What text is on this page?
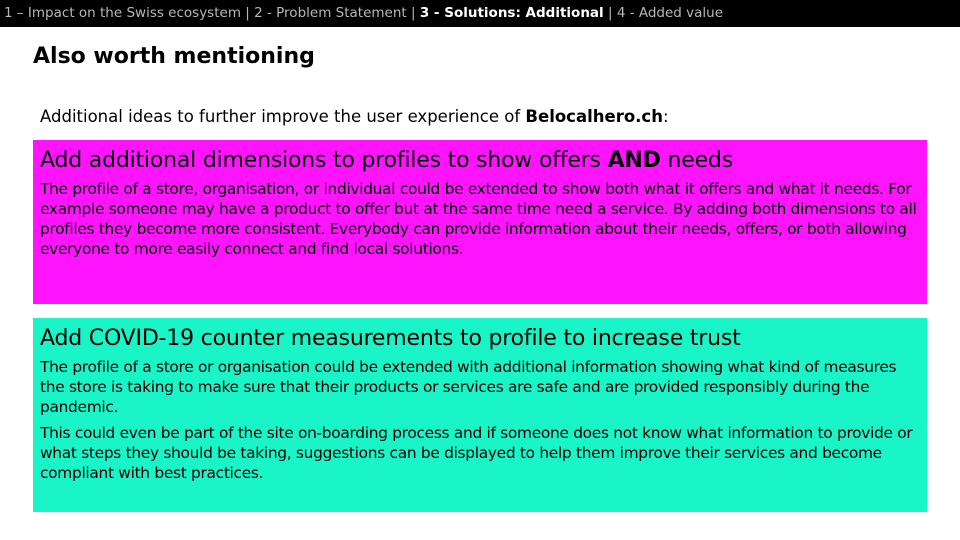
1 – Impact on the Swiss ecosystem | 2 - Problem Statement | 3 - Solutions: Additional | 4 - Added value
Also worth mentioning
Additional ideas to further improve the user experience of Belocalhero.ch:
Add additional dimensions to profiles to show offers AND needs

The profile of a store, organisation, or individual could be extended to show both what it offers and what it needs. For example someone may have a product to offer but at the same time need a service. By adding both dimensions to all profiles they become more consistent. Everybody can provide information about their needs, offers, or both allowing everyone to more easily connect and find local solutions.

Add COVID-19 counter measurements to profile to increase trust

The profile of a store or organisation could be extended with additional information showing what kind of measures the store is taking to make sure that their products or services are safe and are provided responsibly during the pandemic.

This could even be part of the site on-boarding process and if someone does not know what information to provide or what steps they should be taking, suggestions can be displayed to help them improve their services and become compliant with best practices.
